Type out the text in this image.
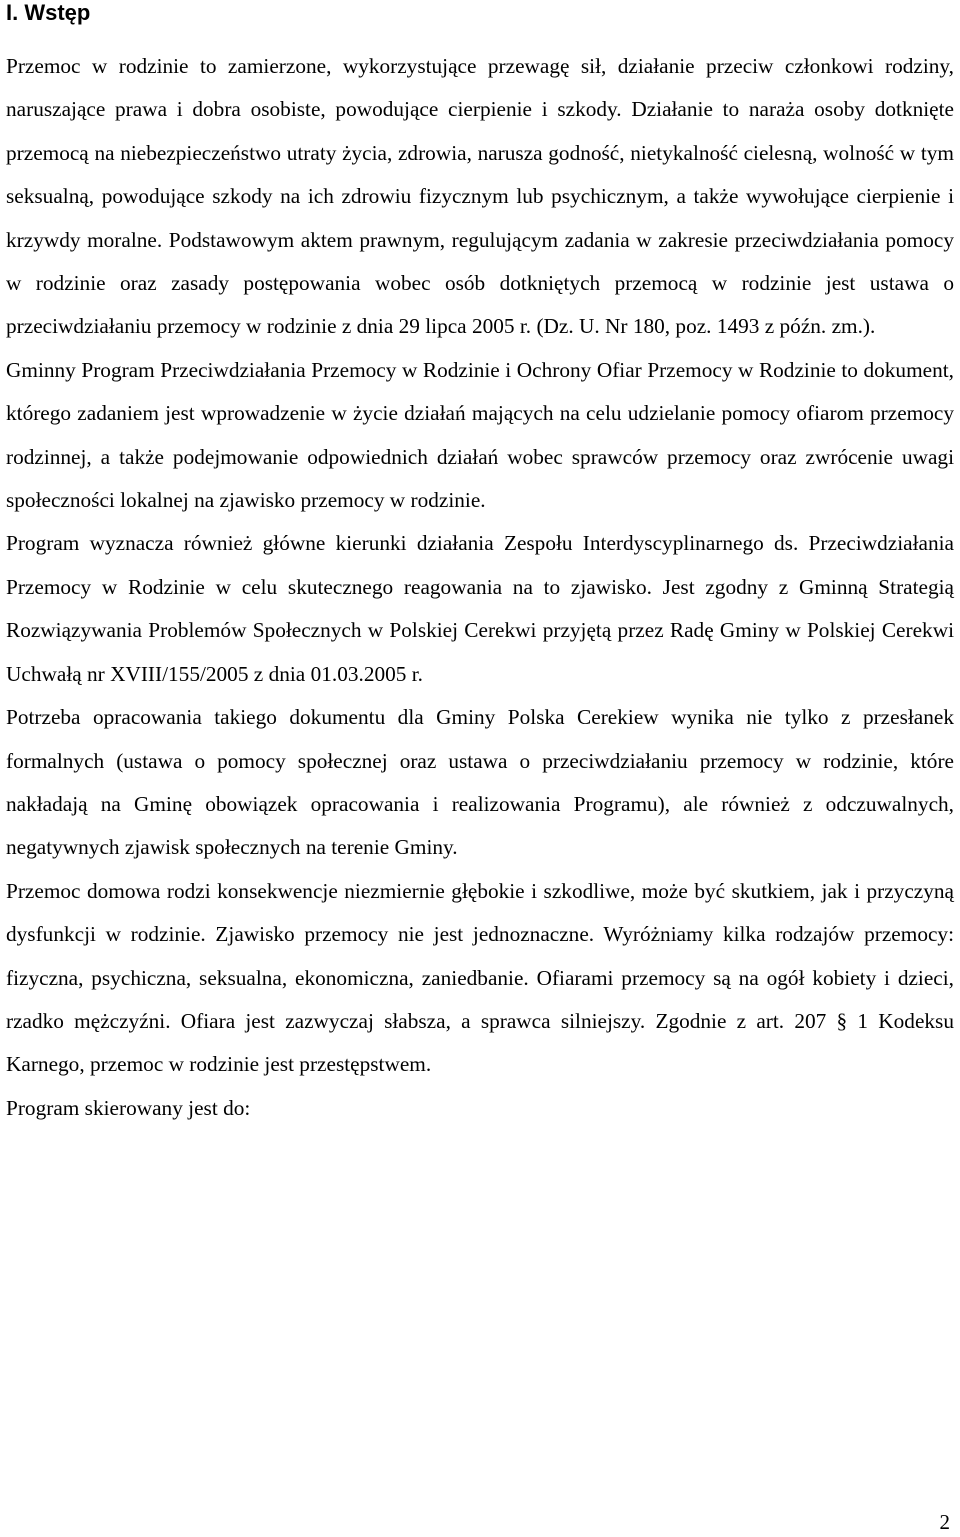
I. Wstęp

Przemoc w rodzinie to zamierzone, wykorzystujące przewagę sił, działanie przeciw członkowi rodziny, naruszające prawa i dobra osobiste, powodujące cierpienie i szkody. Działanie to naraża osoby dotknięte przemocą na niebezpieczeństwo utraty życia, zdrowia, narusza godność, nietykalność cielesną, wolność w tym seksualną, powodujące szkody na ich zdrowiu fizycznym lub psychicznym, a także wywołujące cierpienie i krzywdy moralne. Podstawowym aktem prawnym, regulującym zadania w zakresie przeciwdziałania pomocy w rodzinie oraz zasady postępowania wobec osób dotkniętych przemocą w rodzinie jest ustawa o przeciwdziałaniu przemocy w rodzinie z dnia 29 lipca 2005 r. (Dz. U. Nr 180, poz. 1493 z późn. zm.).

Gminny Program Przeciwdziałania Przemocy w Rodzinie i Ochrony Ofiar Przemocy w Rodzinie to dokument, którego zadaniem jest wprowadzenie w życie działań mających na celu udzielanie pomocy ofiarom przemocy rodzinnej, a także podejmowanie odpowiednich działań wobec sprawców przemocy oraz zwrócenie uwagi społeczności lokalnej na zjawisko przemocy w rodzinie.

Program wyznacza również główne kierunki działania Zespołu Interdyscyplinarnego ds. Przeciwdziałania Przemocy w Rodzinie w celu skutecznego reagowania na to zjawisko. Jest zgodny z Gminną Strategią Rozwiązywania Problemów Społecznych w Polskiej Cerekwi przyjętą przez Radę Gminy w Polskiej Cerekwi Uchwałą nr XVIII/155/2005 z dnia 01.03.2005 r.

Potrzeba opracowania takiego dokumentu dla Gminy Polska Cerekiew wynika nie tylko z przesłanek formalnych (ustawa o pomocy społecznej oraz ustawa o przeciwdziałaniu przemocy w rodzinie, które nakładają na Gminę obowiązek opracowania i realizowania Programu), ale również z odczuwalnych, negatywnych zjawisk społecznych na terenie Gminy.

Przemoc domowa rodzi konsekwencje niezmiernie głębokie i szkodliwe, może być skutkiem, jak i przyczyną dysfunkcji w rodzinie. Zjawisko przemocy nie jest jednoznaczne. Wyróżniamy kilka rodzajów przemocy: fizyczna, psychiczna, seksualna, ekonomiczna, zaniedbanie. Ofiarami przemocy są na ogół kobiety i dzieci, rzadko mężczyźni. Ofiara jest zazwyczaj słabsza, a sprawca silniejszy. Zgodnie z art. 207 § 1 Kodeksu Karnego, przemoc w rodzinie jest przestępstwem.

Program skierowany jest do:

2
